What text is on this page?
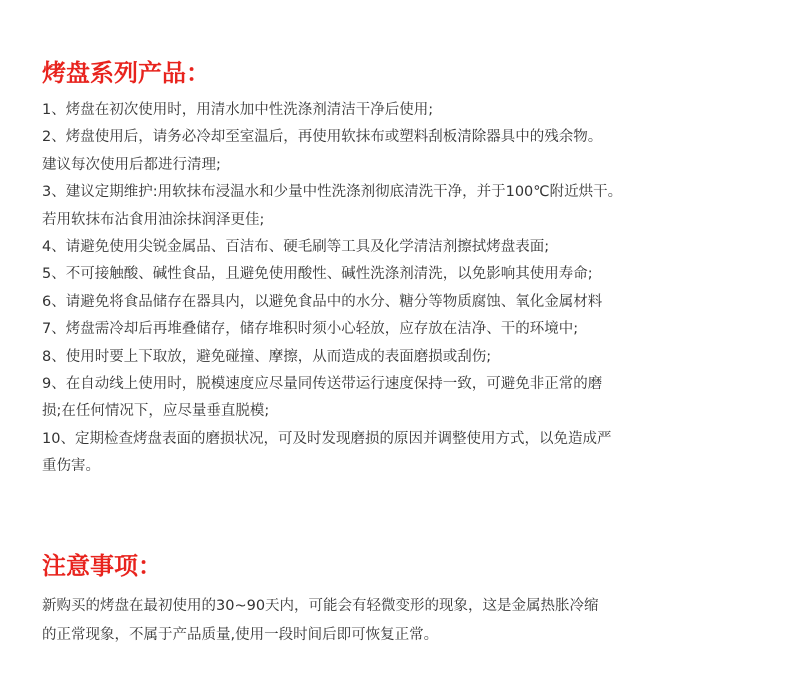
烤盘系列产品：
1、烤盘在初次使用时，用清水加中性洗涤剂清洁干净后使用;
2、烤盘使用后，请务必冷却至室温后，再使用软抹布或塑料刮板清除器具中的残余物。
建议每次使用后都进行清理;
3、建议定期维护:用软抹布浸温水和少量中性洗涤剂彻底清洗干净，并于100℃附近烘干。
若用软抹布沾食用油涂抹润泽更佳;
4、请避免使用尖锐金属品、百洁布、硬毛刷等工具及化学清洁剂擦拭烤盘表面;
5、不可接触酸、碱性食品，且避免使用酸性、碱性洗涤剂清洗，以免影响其使用寿命;
6、请避免将食品储存在器具内，以避免食品中的水分、糖分等物质腐蚀、氧化金属材料
7、烤盘需冷却后再堆叠储存，储存堆积时须小心轻放，应存放在洁净、干的环境中;
8、使用时要上下取放，避免碰撞、摩擦，从而造成的表面磨损或刮伤;
9、在自动线上使用时，脱模速度应尽量同传送带运行速度保持一致，可避免非正常的磨
损;在任何情况下，应尽量垂直脱模;
10、定期检查烤盘表面的磨损状况，可及时发现磨损的原因并调整使用方式，以免造成严
重伤害。
注意事项：
新购买的烤盘在最初使用的30~90天内，可能会有轻微变形的现象，这是金属热胀冷缩
的正常现象，不属于产品质量,使用一段时间后即可恢复正常。
